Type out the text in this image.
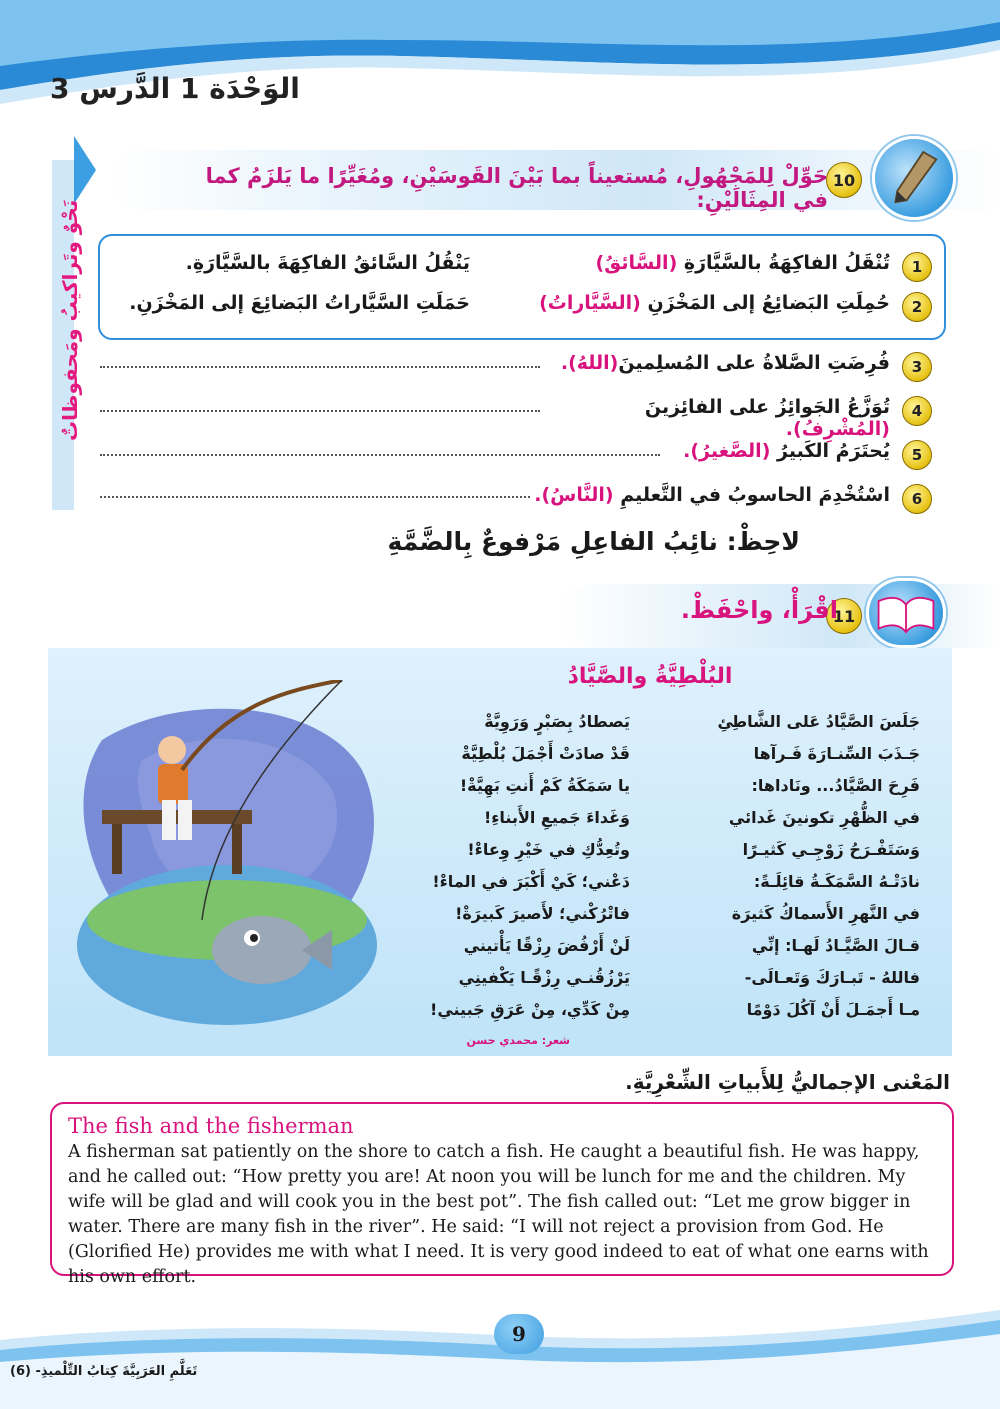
الوَحْدَة 1 الدَّرس 3
نَحْوٌ وتَراكيبُ ومَحفوظاتٌ
10
حَوِّلْ لِلمَجْهُولِ، مُستعيناً بما بَيْنَ القَوسَيْنِ، ومُغَيِّرًا ما يَلزَمُ كما في المِثَالَيْنِ:
1
تُنْقَلُ الفاكِهَةُ بالسَّيَّارَةِ (السَّائقُ)
يَنْقُلُ السَّائقُ الفاكِهَةَ بالسَّيَّارَةِ.
2
حُمِلَتِ البَضائِعُ إلى المَخْزَنِ (السَّيَّاراتُ)
حَمَلَتِ السَّيَّاراتُ البَضائِعَ إلى المَخْزَنِ.
3
فُرِضَتِ الصَّلاةُ على المُسلِمينَ(اللهُ).
4
تُوَزَّعُ الجَوائِزُ على الفائِزينَ (المُشْرِفُ).
5
يُحتَرَمُ الكَبيرُ (الصَّغيرُ).
6
اسْتُخْدِمَ الحاسوبُ في التَّعليمِ (النَّاسُ).
لاحِظْ: نائِبُ الفاعِلِ مَرْفوعٌ بِالضَّمَّةِ
11
اقْرَأْ، واحْفَظْ.
البُلْطِيَّةُ والصَّيَّادُ
جَلَسَ الصَّيَّادُ عَلى الشَّاطِئِ
جَـذَبَ السِّنـارَةَ فَـرآها
فَرِحَ الصَّيَّادُ... ونَاداها:
في الظُّهْرِ تكونينَ غَدائي
وَسَتَفْـرَحُ زَوْجِـي كَثيـرًا
نادَتْـهُ السَّمَكَـةُ قائِلَـةً:
في النَّهرِ الأَسماكُ كَثيرَة
قـالَ الصَّيَّـادُ لَهـا: إنِّي
فاللهُ - تَبـارَكَ وَتَعـالَى-
مـا أَجمَـلَ أَنْ آكُلَ دَوْمًا
يَصطادُ بِصَبْرٍ وَرَوِيَّةْ
قَدْ صادَتْ أَجْمَلَ بُلْطِيَّةْ
يا سَمَكَةُ كَمْ أَنتِ بَهِيَّةْ!
وَغَداءَ جَميعِ الأَبناءِ!
وتُعِدُّكِ في خَيْرِ وِعاءْ!
دَعْني؛ كَيْ أَكْبَرَ في الماءْ!
فاتْرُكْني؛ لأَصيرَ كَبيرَةْ!
لَنْ أَرْفُضَ رِزْقًا يَأْتيني
يَرْزُقُنـي رِزْقًـا يَكْفينِي
مِنْ كَدِّي، مِنْ عَرَقِ جَبيني!
شعر: محمدي حسن
المَعْنى الإجماليُّ لِلأَبياتِ الشِّعْرِيَّةِ.
The fish and the fisherman
A fisherman sat patiently on the shore to catch a fish. He caught a beautiful fish. He was happy, and he called out: “How pretty you are! At noon you will be lunch for me and the children. My wife will be glad and will cook you in the best pot”. The fish called out: “Let me grow bigger in water. There are many fish in the river”. He said: “I will not reject a provision from God. He (Glorified He) provides me with what I need. It is very good indeed to eat of what one earns with his own effort.
9
تَعَلَّمِ العَرَبِيَّةَ كِتابُ التِّلْميذِ- (6)
